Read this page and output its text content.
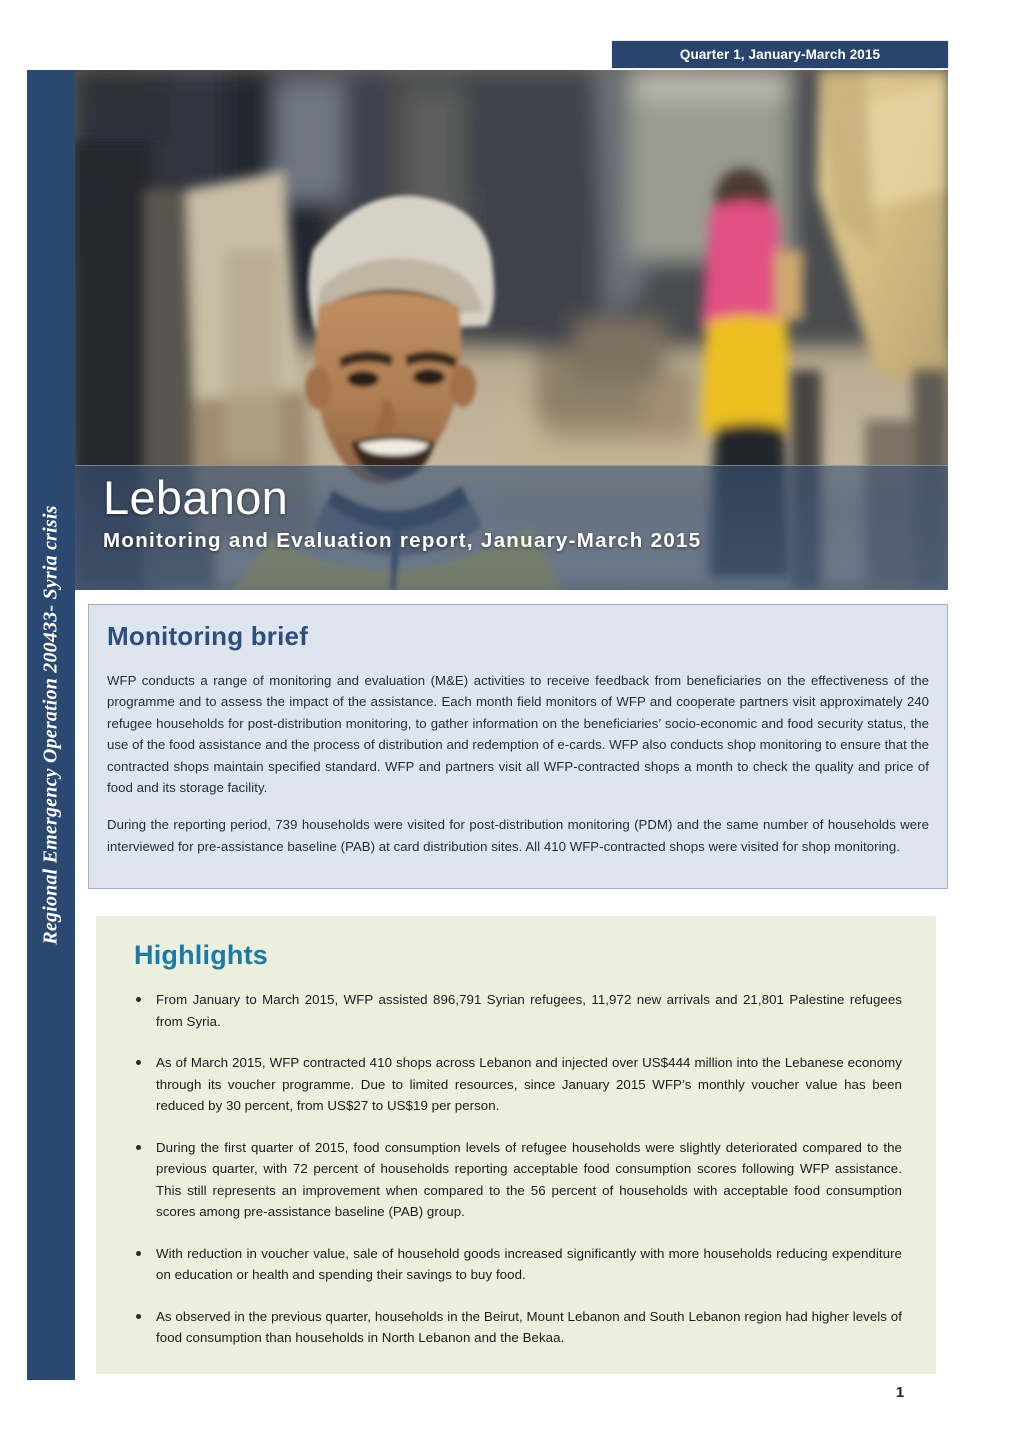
Quarter 1, January-March 2015
Regional Emergency Operation 200433- Syria crisis
Lebanon
Monitoring and Evaluation report, January-March 2015
Monitoring brief

WFP conducts a range of monitoring and evaluation (M&E) activities to receive feedback from beneficiaries on the effectiveness of the programme and to assess the impact of the assistance. Each month field monitors of WFP and cooperate partners visit approximately 240 refugee households for post-distribution monitoring, to gather information on the beneficiaries’ socio-economic and food security status, the use of the food assistance and the process of distribution and redemption of e-cards. WFP also conducts shop monitoring to ensure that the contracted shops maintain specified standard. WFP and partners visit all WFP-contracted shops a month to check the quality and price of food and its storage facility.

During the reporting period, 739 households were visited for post-distribution monitoring (PDM) and the same number of households were interviewed for pre-assistance baseline (PAB) at card distribution sites. All 410 WFP-contracted shops were visited for shop monitoring.

Highlights
From January to March 2015, WFP assisted 896,791 Syrian refugees, 11,972 new arrivals and 21,801 Palestine refugees from Syria.
As of March 2015, WFP contracted 410 shops across Lebanon and injected over US$444 million into the Lebanese economy through its voucher programme. Due to limited resources, since January 2015 WFP’s monthly voucher value has been reduced by 30 percent, from US$27 to US$19 per person.
During the first quarter of 2015, food consumption levels of refugee households were slightly deteriorated compared to the previous quarter, with 72 percent of households reporting acceptable food consumption scores following WFP assistance. This still represents an improvement when compared to the 56 percent of households with acceptable food consumption scores among pre-assistance baseline (PAB) group.
With reduction in voucher value, sale of household goods increased significantly with more households reducing expenditure on education or health and spending their savings to buy food.
As observed in the previous quarter, households in the Beirut, Mount Lebanon and South Lebanon region had higher levels of food consumption than households in North Lebanon and the Bekaa.
1
